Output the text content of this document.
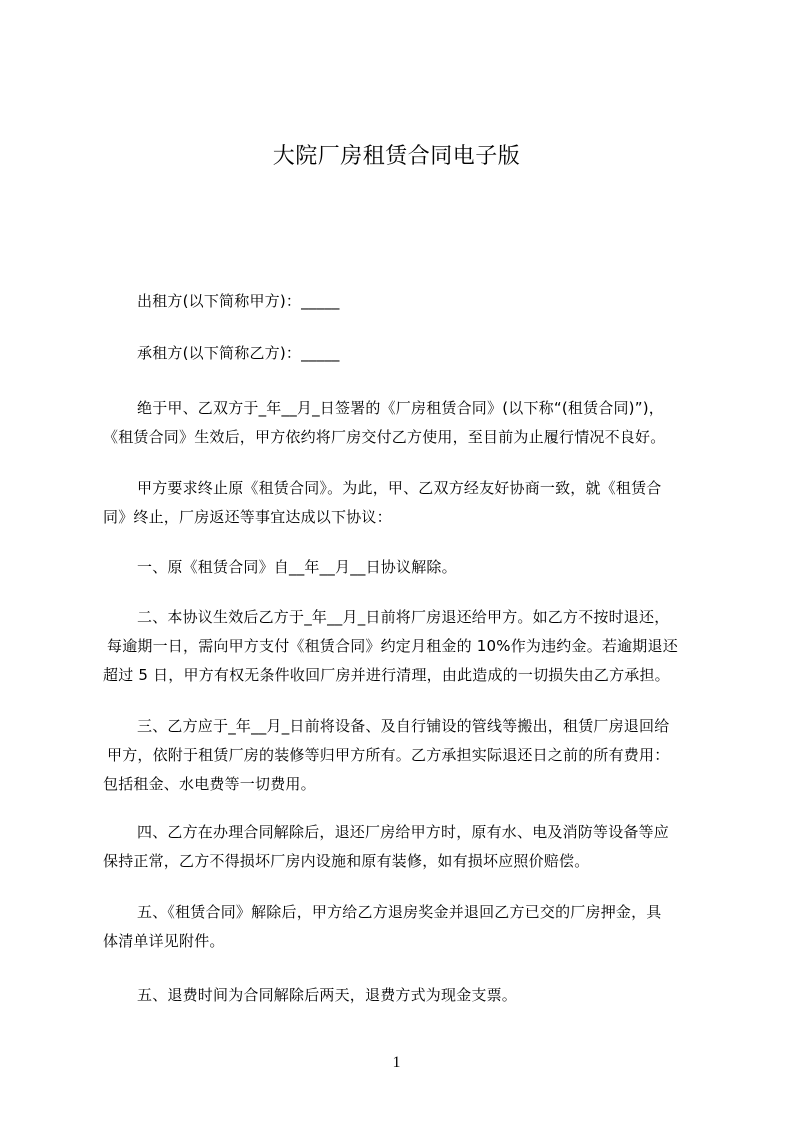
大院厂房租赁合同电子版
出租方(以下简称甲方)：_____
承租方(以下简称乙方)：_____
绝于甲、乙双方于_年__月_日签署的《厂房租赁合同》(以下称“(租赁合同)”)，
《租赁合同》生效后，甲方依约将厂房交付乙方使用，至目前为止履行情况不良好。
甲方要求终止原《租赁合同》。为此，甲、乙双方经友好协商一致，就《租赁合
同》终止，厂房返还等事宜达成以下协议：
一、原《租赁合同》自__年__月__日协议解除。
二、本协议生效后乙方于_年__月_日前将厂房退还给甲方。如乙方不按时退还，
每逾期一日，需向甲方支付《租赁合同》约定月租金的 10%作为违约金。若逾期退还
超过 5 日，甲方有权无条件收回厂房并进行清理，由此造成的一切损失由乙方承担。
三、乙方应于_年__月_日前将设备、及自行铺设的管线等搬出，租赁厂房退回给
甲方，依附于租赁厂房的装修等归甲方所有。乙方承担实际退还日之前的所有费用：
包括租金、水电费等一切费用。
四、乙方在办理合同解除后，退还厂房给甲方时，原有水、电及消防等设备等应
保持正常，乙方不得损坏厂房内设施和原有装修，如有损坏应照价赔偿。
五、《租赁合同》解除后，甲方给乙方退房奖金并退回乙方已交的厂房押金，具
体清单详见附件。
五、退费时间为合同解除后两天，退费方式为现金支票。
1
